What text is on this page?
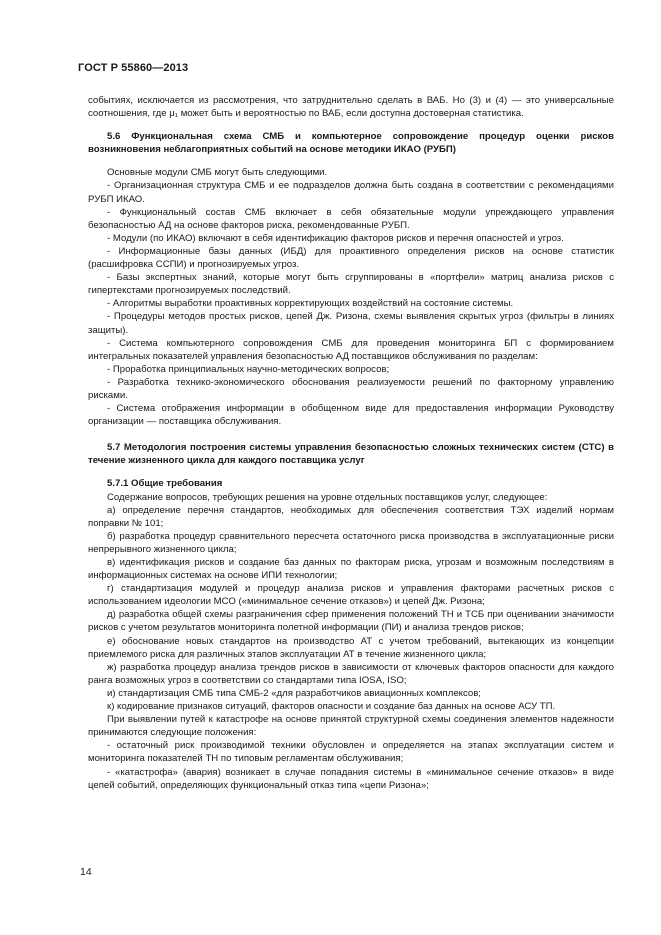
ГОСТ Р 55860—2013

событиях, исключается из рассмотрения, что затруднительно сделать в ВАБ. Но (3) и (4) — это универсальные соотношения, где μ₁ может быть и вероятностью по ВАБ, если доступна достоверная статистика.

5.6 Функциональная схема СМБ и компьютерное сопровождение процедур оценки рисков возникновения неблагоприятных событий на основе методики ИКАО (РУБП)

Основные модули СМБ могут быть следующими.

- Организационная структура СМБ и ее подразделов должна быть создана в соответствии с рекомендациями РУБП ИКАО.

- Функциональный состав СМБ включает в себя обязательные модули упреждающего управления безопасностью АД на основе факторов риска, рекомендованные РУБП.

- Модули (по ИКАО) включают в себя идентификацию факторов рисков и перечня опасностей и угроз.

- Информационные базы данных (ИБД) для проактивного определения рисков на основе статистик (расшифровка ССПИ) и прогнозируемых угроз.

- Базы экспертных знаний, которые могут быть сгруппированы в «портфели» матриц анализа рисков с гипертекстами прогнозируемых последствий.

- Алгоритмы выработки проактивных корректирующих воздействий на состояние системы.

- Процедуры методов простых рисков, цепей Дж. Ризона, схемы выявления скрытых угроз (фильтры в линиях защиты).

- Система компьютерного сопровождения СМБ для проведения мониторинга БП с формированием интегральных показателей управления безопасностью АД поставщиков обслуживания по разделам:

- Проработка принципиальных научно-методических вопросов;

- Разработка технико-экономического обоснования реализуемости решений по факторному управлению рисками.

- Система отображения информации в обобщенном виде для предоставления информации Руководству организации — поставщика обслуживания.

5.7 Методология построения системы управления безопасностью сложных технических систем (СТС) в течение жизненного цикла для каждого поставщика услуг

5.7.1 Общие требования

Содержание вопросов, требующих решения на уровне отдельных поставщиков услуг, следующее:

а) определение перечня стандартов, необходимых для обеспечения соответствия ТЭХ изделий нормам поправки № 101;

б) разработка процедур сравнительного пересчета остаточного риска производства в эксплуатационные риски непрерывного жизненного цикла;

в) идентификация рисков и создание баз данных по факторам риска, угрозам и возможным последствиям в информационных системах на основе ИПИ технологии;

г) стандартизация модулей и процедур анализа рисков и управления факторами расчетных рисков с использованием идеологии МСО («минимальное сечение отказов») и цепей Дж. Ризона;

д) разработка общей схемы разграничения сфер применения положений ТН и ТСБ при оценивании значимости рисков с учетом результатов мониторинга полетной информации (ПИ) и анализа трендов рисков;

е) обоснование новых стандартов на производство АТ с учетом требований, вытекающих из концепции приемлемого риска для различных этапов эксплуатации АТ в течение жизненного цикла;

ж) разработка процедур анализа трендов рисков в зависимости от ключевых факторов опасности для каждого ранга возможных угроз в соответствии со стандартами типа IOSA, ISO;

и) стандартизация СМБ типа СМБ-2 «для разработчиков авиационных комплексов;

к) кодирование признаков ситуаций, факторов опасности и создание баз данных на основе АСУ ТП.

При выявлении путей к катастрофе на основе принятой структурной схемы соединения элементов надежности принимаются следующие положения:

- остаточный риск производимой техники обусловлен и определяется на этапах эксплуатации систем и мониторинга показателей ТН по типовым регламентам обслуживания;

- «катастрофа» (авария) возникает в случае попадания системы в «минимальное сечение отказов» в виде цепей событий, определяющих функциональный отказ типа «цепи Ризона»;

14
